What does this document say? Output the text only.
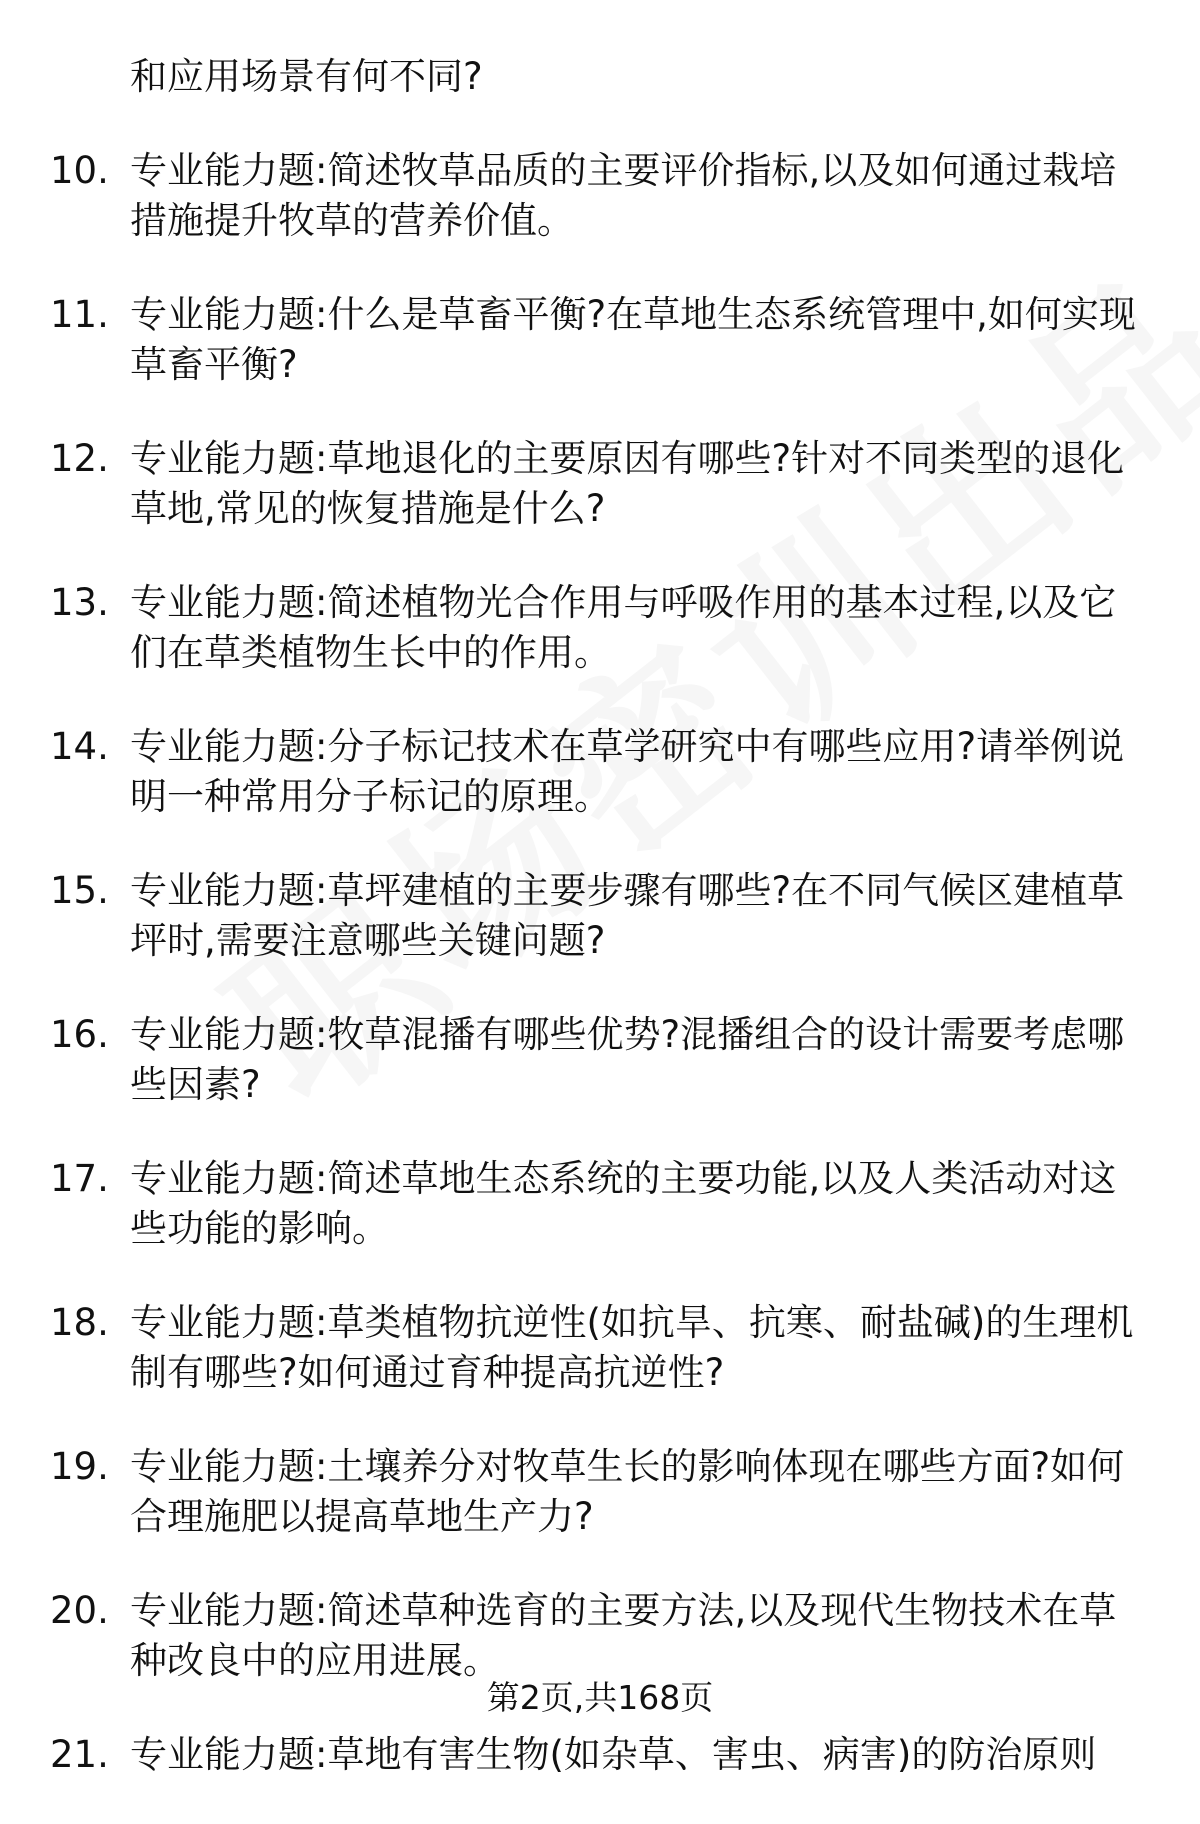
和应用场景有何不同?
10. 专业能力题:简述牧草品质的主要评价指标,以及如何通过栽培措施提升牧草的营养价值。
11. 专业能力题:什么是草畜平衡?在草地生态系统管理中,如何实现草畜平衡?
12. 专业能力题:草地退化的主要原因有哪些?针对不同类型的退化草地,常见的恢复措施是什么?
13. 专业能力题:简述植物光合作用与呼吸作用的基本过程,以及它们在草类植物生长中的作用。
14. 专业能力题:分子标记技术在草学研究中有哪些应用?请举例说明一种常用分子标记的原理。
15. 专业能力题:草坪建植的主要步骤有哪些?在不同气候区建植草坪时,需要注意哪些关键问题?
16. 专业能力题:牧草混播有哪些优势?混播组合的设计需要考虑哪些因素?
17. 专业能力题:简述草地生态系统的主要功能,以及人类活动对这些功能的影响。
18. 专业能力题:草类植物抗逆性(如抗旱、抗寒、耐盐碱)的生理机制有哪些?如何通过育种提高抗逆性?
19. 专业能力题:土壤养分对牧草生长的影响体现在哪些方面?如何合理施肥以提高草地生产力?
20. 专业能力题:简述草种选育的主要方法,以及现代生物技术在草种改良中的应用进展。
21. 专业能力题:草地有害生物(如杂草、害虫、病害)的防治原则
第2页,共168页
